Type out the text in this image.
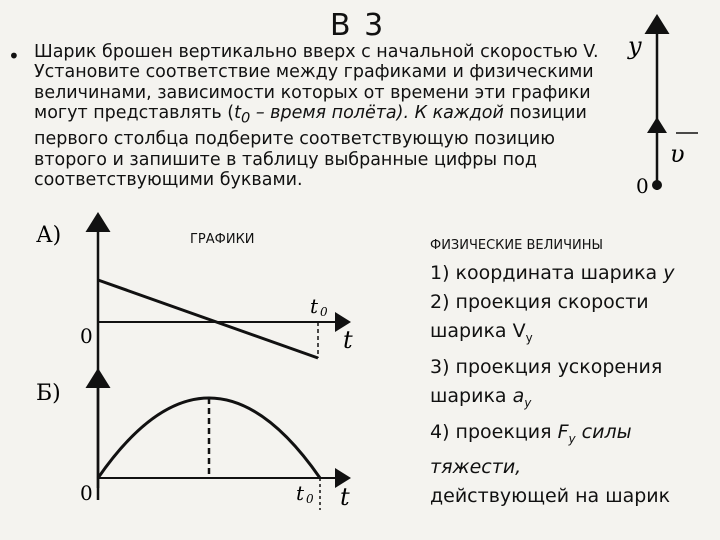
В 3
• Шарик брошен вертикально вверх с начальной скоростью V. Установите соответствие между графиками и физическими величинами, зависимости которых от времени эти графики могут представлять ($t_0$ – время полёта). К каждой позиции первого столбца подберите соответствующую позицию второго и запишите в таблицу выбранные цифры под соответствующими буквами.
ГРАФИКИ	ФИЗИЧЕСКИЕ ВЕЛИЧИНЫ
1) координата шарика y
2) проекция скорости
шарика $V_y$
3) проекция ускорения
шарика $a_y$
4) проекция $F_y$ силы тяжести,
действующей на шарик
y
υ
0
А)
0
t 0
t
Б)
0	t 0 t
